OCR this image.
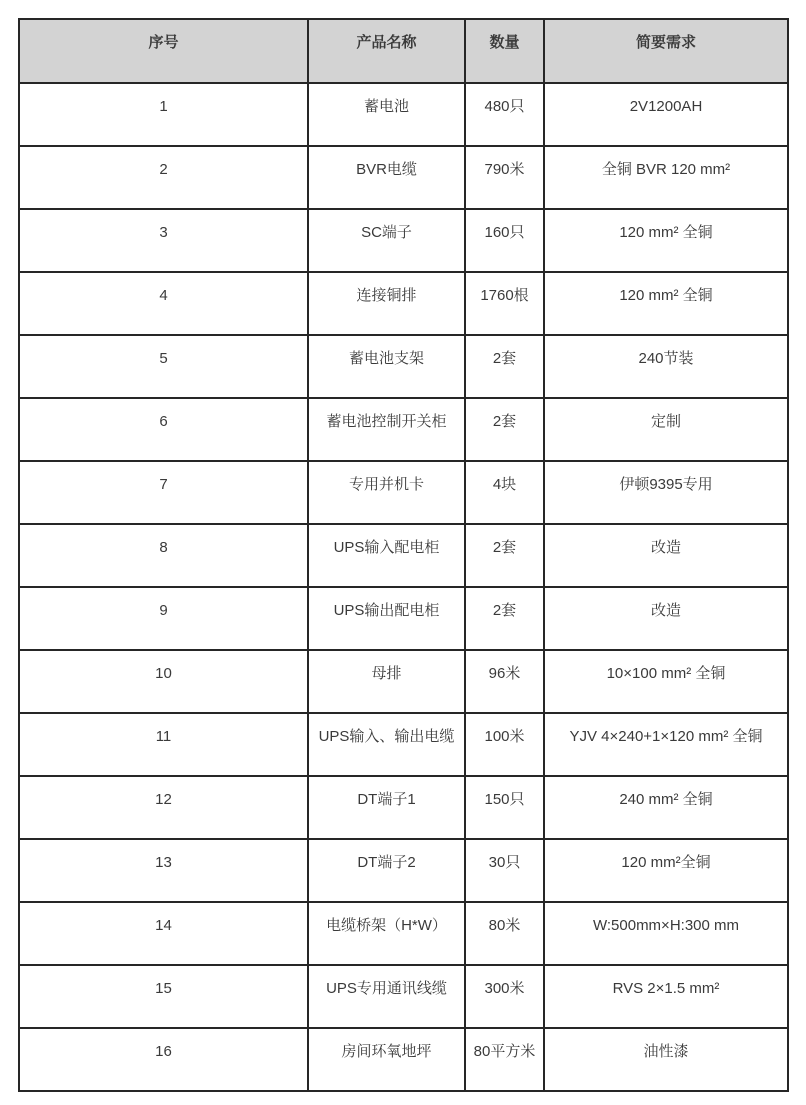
序号	产品名称	数量	简要需求
1	蓄电池	480只	2V1200AH
2	BVR电缆	790米	全铜 BVR 120 mm²
3	SC端子	160只	120 mm² 全铜
4	连接铜排	1760根	120 mm² 全铜
5	蓄电池支架	2套	240节装
6	蓄电池控制开关柜	2套	定制
7	专用并机卡	4块	伊顿9395专用
8	UPS输入配电柜	2套	改造
9	UPS输出配电柜	2套	改造
10	母排	96米	10×100 mm² 全铜
11	UPS输入、输出电缆	100米	YJV 4×240+1×120 mm² 全铜
12	DT端子1	150只	240 mm² 全铜
13	DT端子2	30只	120 mm²全铜
14	电缆桥架（H*W）	80米	W:500mm×H:300 mm
15	UPS专用通讯线缆	300米	RVS 2×1.5 mm²
16	房间环氧地坪	80平方米	油性漆
